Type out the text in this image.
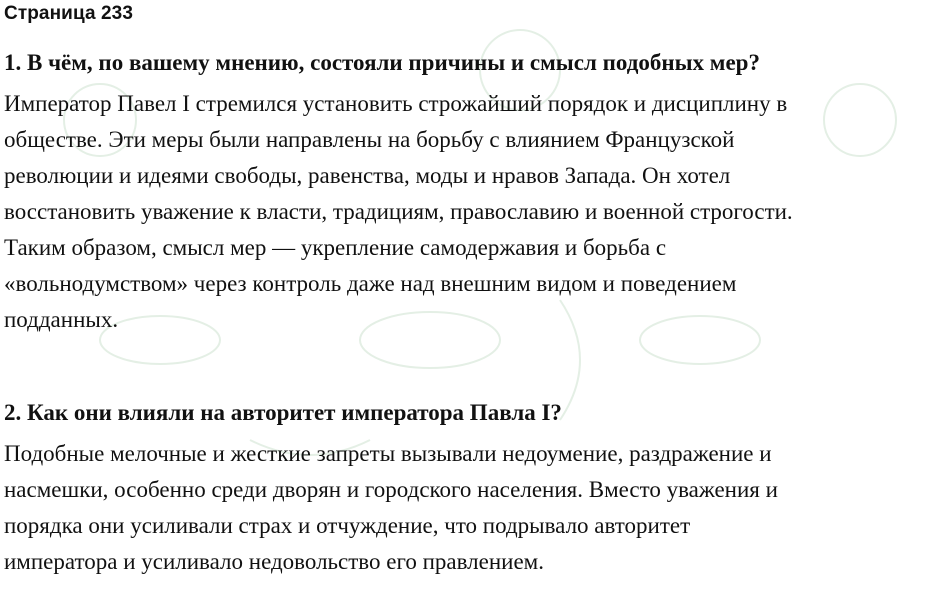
Страница 233
1. В чём, по вашему мнению, состояли причины и смысл подобных мер?
Император Павел I стремился установить строжайший порядок и дисциплину в
обществе. Эти меры были направлены на борьбу с влиянием Французской
революции и идеями свободы, равенства, моды и нравов Запада. Он хотел
восстановить уважение к власти, традициям, православию и военной строгости.
Таким образом, смысл мер — укрепление самодержавия и борьба с
«вольнодумством» через контроль даже над внешним видом и поведением
подданных.
2. Как они влияли на авторитет императора Павла I?
Подобные мелочные и жесткие запреты вызывали недоумение, раздражение и
насмешки, особенно среди дворян и городского населения. Вместо уважения и
порядка они усиливали страх и отчуждение, что подрывало авторитет
императора и усиливало недовольство его правлением.
